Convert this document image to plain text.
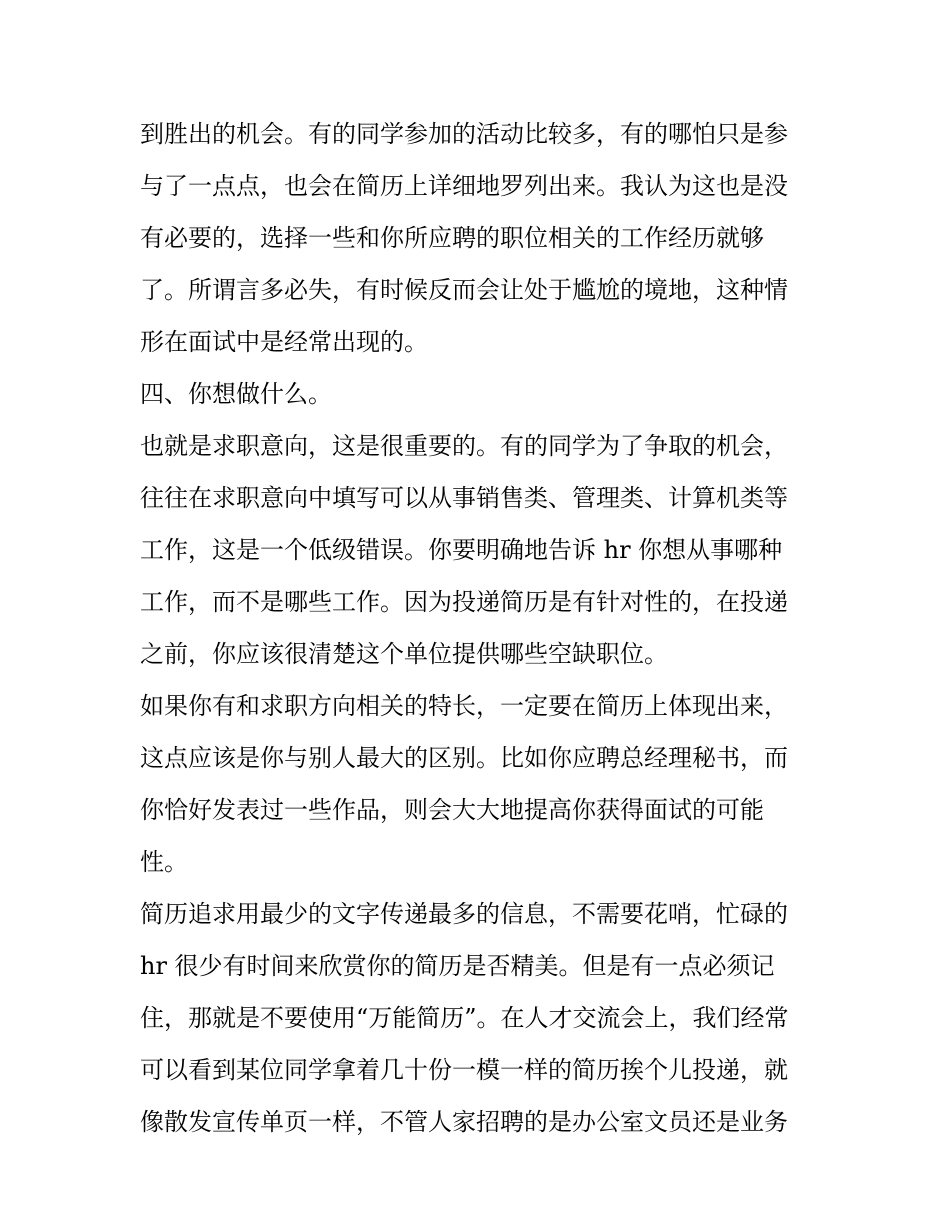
到胜出的机会。有的同学参加的活动比较多，有的哪怕只是参
与了一点点，也会在简历上详细地罗列出来。我认为这也是没
有必要的，选择一些和你所应聘的职位相关的工作经历就够
了。所谓言多必失，有时候反而会让处于尴尬的境地，这种情
形在面试中是经常出现的。
四、你想做什么。
也就是求职意向，这是很重要的。有的同学为了争取的机会，
往往在求职意向中填写可以从事销售类、管理类、计算机类等
工作，这是一个低级错误。你要明确地告诉 hr 你想从事哪种
工作，而不是哪些工作。因为投递简历是有针对性的，在投递
之前，你应该很清楚这个单位提供哪些空缺职位。
如果你有和求职方向相关的特长，一定要在简历上体现出来，
这点应该是你与别人最大的区别。比如你应聘总经理秘书，而
你恰好发表过一些作品，则会大大地提高你获得面试的可能
性。
简历追求用最少的文字传递最多的信息，不需要花哨，忙碌的
hr 很少有时间来欣赏你的简历是否精美。但是有一点必须记
住，那就是不要使用“万能简历”。在人才交流会上，我们经常
可以看到某位同学拿着几十份一模一样的简历挨个儿投递，就
像散发宣传单页一样，不管人家招聘的是办公室文员还是业务
